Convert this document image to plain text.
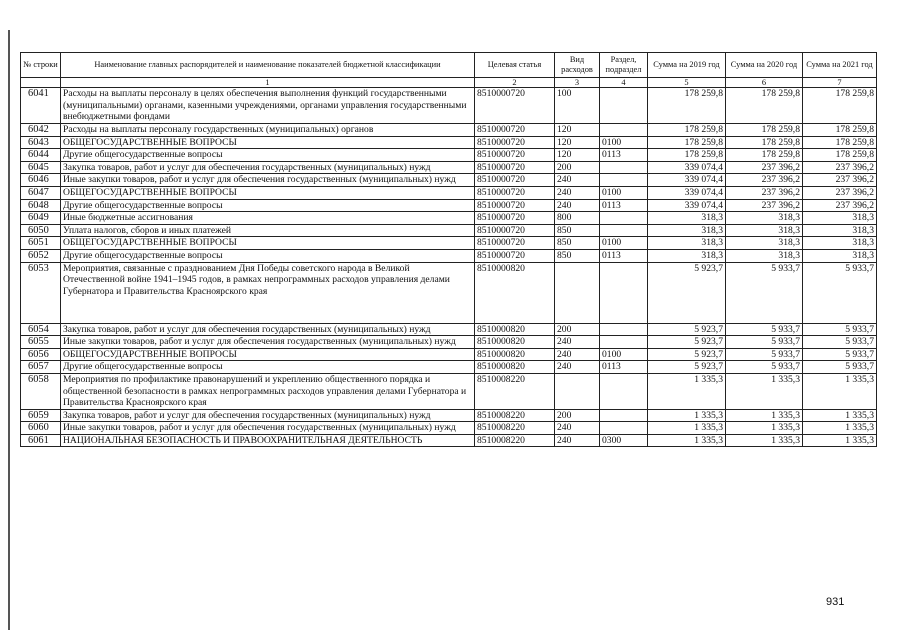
№ строки	Наименование главных распорядителей и наименование показателей бюджетной классификации	Целевая статья	Вид расходов	Раздел, подраздел	Сумма на 2019 год	Сумма на 2020 год	Сумма на 2021 год
	1	2	3	4	5	6	7
6041	Расходы на выплаты персоналу в целях обеспечения выполнения функций государственными (муниципальными) органами, казенными учреждениями, органами управления государственными внебюджетными фондами	8510000720	100		178 259,8	178 259,8	178 259,8
6042	Расходы на выплаты персоналу государственных (муниципальных) органов	8510000720	120		178 259,8	178 259,8	178 259,8
6043	ОБЩЕГОСУДАРСТВЕННЫЕ ВОПРОСЫ	8510000720	120	0100	178 259,8	178 259,8	178 259,8
6044	Другие общегосударственные вопросы	8510000720	120	0113	178 259,8	178 259,8	178 259,8
6045	Закупка товаров, работ и услуг для обеспечения государственных (муниципальных) нужд	8510000720	200		339 074,4	237 396,2	237 396,2
6046	Иные закупки товаров, работ и услуг для обеспечения государственных (муниципальных) нужд	8510000720	240		339 074,4	237 396,2	237 396,2
6047	ОБЩЕГОСУДАРСТВЕННЫЕ ВОПРОСЫ	8510000720	240	0100	339 074,4	237 396,2	237 396,2
6048	Другие общегосударственные вопросы	8510000720	240	0113	339 074,4	237 396,2	237 396,2
6049	Иные бюджетные ассигнования	8510000720	800		318,3	318,3	318,3
6050	Уплата налогов, сборов и иных платежей	8510000720	850		318,3	318,3	318,3
6051	ОБЩЕГОСУДАРСТВЕННЫЕ ВОПРОСЫ	8510000720	850	0100	318,3	318,3	318,3
6052	Другие общегосударственные вопросы	8510000720	850	0113	318,3	318,3	318,3
6053	Мероприятия, связанные с празднованием Дня Победы советского народа в Великой Отечественной войне 1941–1945 годов, в рамках непрограммных расходов управления делами Губернатора и Правительства Красноярского края	8510000820			5 923,7	5 933,7	5 933,7
6054	Закупка товаров, работ и услуг для обеспечения государственных (муниципальных) нужд	8510000820	200		5 923,7	5 933,7	5 933,7
6055	Иные закупки товаров, работ и услуг для обеспечения государственных (муниципальных) нужд	8510000820	240		5 923,7	5 933,7	5 933,7
6056	ОБЩЕГОСУДАРСТВЕННЫЕ ВОПРОСЫ	8510000820	240	0100	5 923,7	5 933,7	5 933,7
6057	Другие общегосударственные вопросы	8510000820	240	0113	5 923,7	5 933,7	5 933,7
6058	Мероприятия по профилактике правонарушений и укреплению общественного порядка и общественной безопасности в рамках непрограммных расходов управления делами Губернатора и Правительства Красноярского края	8510008220			1 335,3	1 335,3	1 335,3
6059	Закупка товаров, работ и услуг для обеспечения государственных (муниципальных) нужд	8510008220	200		1 335,3	1 335,3	1 335,3
6060	Иные закупки товаров, работ и услуг для обеспечения государственных (муниципальных) нужд	8510008220	240		1 335,3	1 335,3	1 335,3
6061	НАЦИОНАЛЬНАЯ БЕЗОПАСНОСТЬ И ПРАВООХРАНИТЕЛЬНАЯ ДЕЯТЕЛЬНОСТЬ	8510008220	240	0300	1 335,3	1 335,3	1 335,3
931
